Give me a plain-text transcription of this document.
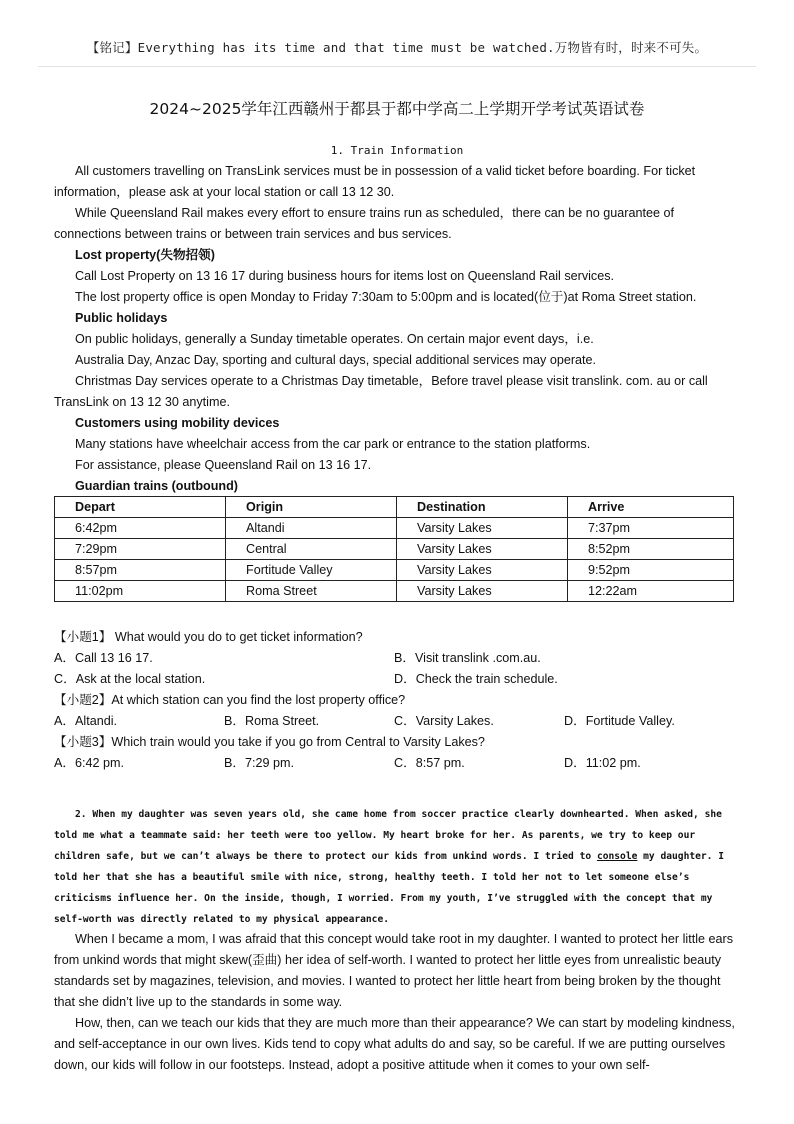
【铭记】Everything has its time and that time must be watched.万物皆有时，时来不可失。
2024~2025学年江西赣州于都县于都中学高二上学期开学考试英语试卷
1. Train Information

All customers travelling on TransLink services must be in possession of a valid ticket before boarding. For ticket information，please ask at your local station or call 13 12 30.

While Queensland Rail makes every effort to ensure trains run as scheduled，there can be no guarantee of connections between trains or between train services and bus services.

Lost property(失物招领)

Call Lost Property on 13 16 17 during business hours for items lost on Queensland Rail services.

The lost property office is open Monday to Friday 7:30am to 5:00pm and is located(位于)at Roma Street station.

Public holidays

On public holidays, generally a Sunday timetable operates. On certain major event days，i.e.

Australia Day, Anzac Day, sporting and cultural days, special additional services may operate.

Christmas Day services operate to a Christmas Day timetable，Before travel please visit translink. com. au or call TransLink on 13 12 30 anytime.

Customers using mobility devices

Many stations have wheelchair access from the car park or entrance to the station platforms.

For assistance, please Queensland Rail on 13 16 17.

Guardian trains (outbound)

Depart	Origin	Destination	Arrive
6:42pm	Altandi	Varsity Lakes	7:37pm
7:29pm	Central	Varsity Lakes	8:52pm
8:57pm	Fortitude Valley	Varsity Lakes	9:52pm
11:02pm	Roma Street	Varsity Lakes	12:22am
【小题1】 What would you do to get ticket information?
A．Call 13 16 17.	B．Visit translink .com.au.
C．Ask at the local station.	D．Check the train schedule.
【小题2】At which station can you find the lost property office?
A．Altandi.	B．Roma Street.	C．Varsity Lakes.	D．Fortitude Valley.
【小题3】Which train would you take if you go from Central to Varsity Lakes?
A．6:42 pm.	B．7:29 pm.	C．8:57 pm.	D．11:02 pm.
2. When my daughter was seven years old, she came home from soccer practice clearly downhearted. When asked, she told me what a teammate said: her teeth were too yellow. My heart broke for her. As parents, we try to keep our children safe, but we can’t always be there to protect our kids from unkind words. I tried to console my daughter. I told her that she has a beautiful smile with nice, strong, healthy teeth. I told her not to let someone else’s criticisms influence her. On the inside, though, I worried. From my youth, I’ve struggled with the concept that my self-worth was directly related to my physical appearance.

When I became a mom, I was afraid that this concept would take root in my daughter. I wanted to protect her little ears from unkind words that might skew(歪曲) her idea of self-worth. I wanted to protect her little eyes from unrealistic beauty standards set by magazines, television, and movies. I wanted to protect her little heart from being broken by the thought that she didn’t live up to the standards in some way.

How, then, can we teach our kids that they are much more than their appearance? We can start by modeling kindness, and self-acceptance in our own lives. Kids tend to copy what adults do and say, so be careful. If we are putting ourselves down, our kids will follow in our footsteps. Instead, adopt a positive attitude when it comes to your own self-
